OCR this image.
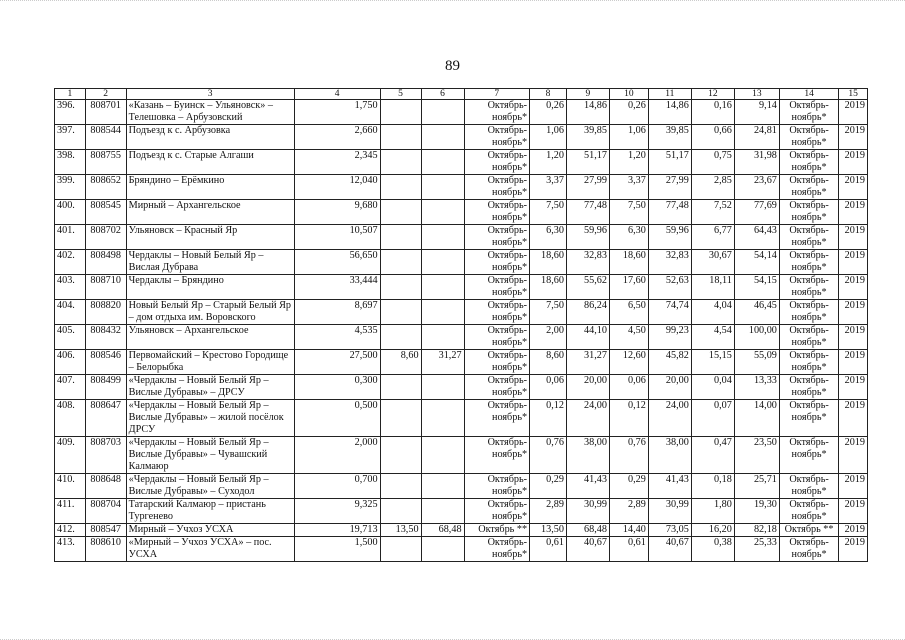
89
1	2	3	4	5	6	7	8	9	10	11	12	13	14	15
396.	808701	«Казань – Буинск – Ульяновск» – Телешовка – Арбузовский	1,750			Октябрь-ноябрь*	0,26	14,86	0,26	14,86	0,16	9,14	Октябрь-ноябрь*	2019
397.	808544	Подъезд к с. Арбузовка	2,660			Октябрь-ноябрь*	1,06	39,85	1,06	39,85	0,66	24,81	Октябрь-ноябрь*	2019
398.	808755	Подъезд к с. Старые Алгаши	2,345			Октябрь-ноябрь*	1,20	51,17	1,20	51,17	0,75	31,98	Октябрь-ноябрь*	2019
399.	808652	Бряндино – Ерёмкино	12,040			Октябрь-ноябрь*	3,37	27,99	3,37	27,99	2,85	23,67	Октябрь-ноябрь*	2019
400.	808545	Мирный – Архангельское	9,680			Октябрь-ноябрь*	7,50	77,48	7,50	77,48	7,52	77,69	Октябрь-ноябрь*	2019
401.	808702	Ульяновск – Красный Яр	10,507			Октябрь-ноябрь*	6,30	59,96	6,30	59,96	6,77	64,43	Октябрь-ноябрь*	2019
402.	808498	Чердаклы – Новый Белый Яр – Вислая Дубрава	56,650			Октябрь-ноябрь*	18,60	32,83	18,60	32,83	30,67	54,14	Октябрь-ноябрь*	2019
403.	808710	Чердаклы – Бряндино	33,444			Октябрь-ноябрь*	18,60	55,62	17,60	52,63	18,11	54,15	Октябрь-ноябрь*	2019
404.	808820	Новый Белый Яр – Старый Белый Яр – дом отдыха им. Воровского	8,697			Октябрь-ноябрь*	7,50	86,24	6,50	74,74	4,04	46,45	Октябрь-ноябрь*	2019
405.	808432	Ульяновск – Архангельское	4,535			Октябрь-ноябрь*	2,00	44,10	4,50	99,23	4,54	100,00	Октябрь-ноябрь*	2019
406.	808546	Первомайский – Крестово Городище – Белорыбка	27,500	8,60	31,27	Октябрь-ноябрь*	8,60	31,27	12,60	45,82	15,15	55,09	Октябрь-ноябрь*	2019
407.	808499	«Чердаклы – Новый Белый Яр – Вислые Дубравы» – ДРСУ	0,300			Октябрь-ноябрь*	0,06	20,00	0,06	20,00	0,04	13,33	Октябрь-ноябрь*	2019
408.	808647	«Чердаклы – Новый Белый Яр – Вислые Дубравы» – жилой посёлок ДРСУ	0,500			Октябрь-ноябрь*	0,12	24,00	0,12	24,00	0,07	14,00	Октябрь-ноябрь*	2019
409.	808703	«Чердаклы – Новый Белый Яр – Вислые Дубравы» – Чувашский Калмаюр	2,000			Октябрь-ноябрь*	0,76	38,00	0,76	38,00	0,47	23,50	Октябрь-ноябрь*	2019
410.	808648	«Чердаклы – Новый Белый Яр – Вислые Дубравы» – Суходол	0,700			Октябрь-ноябрь*	0,29	41,43	0,29	41,43	0,18	25,71	Октябрь-ноябрь*	2019
411.	808704	Татарский Калмаюр – пристань Тургенево	9,325			Октябрь-ноябрь*	2,89	30,99	2,89	30,99	1,80	19,30	Октябрь-ноябрь*	2019
412.	808547	Мирный – Учхоз УСХА	19,713	13,50	68,48	Октябрь **	13,50	68,48	14,40	73,05	16,20	82,18	Октябрь **	2019
413.	808610	«Мирный – Учхоз УСХА» – пос. УСХА	1,500			Октябрь-ноябрь*	0,61	40,67	0,61	40,67	0,38	25,33	Октябрь-ноябрь*	2019
